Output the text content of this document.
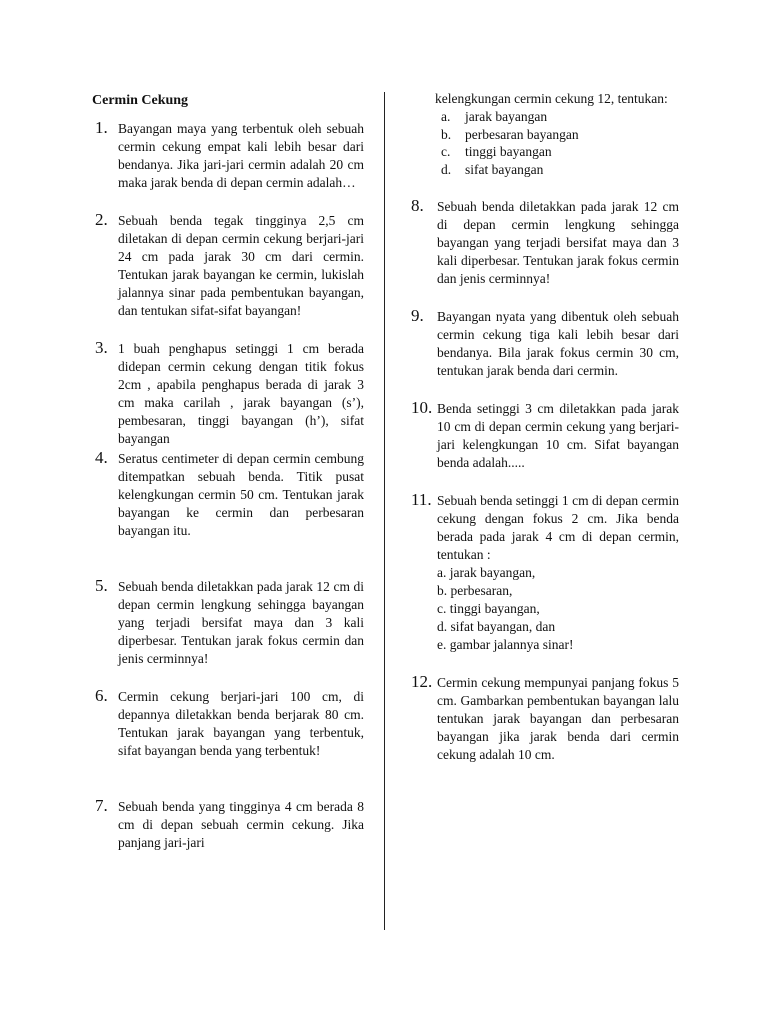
Cermin Cekung
1. Bayangan maya yang terbentuk oleh sebuah cermin cekung empat kali lebih besar dari bendanya. Jika jari-jari cermin adalah 20 cm maka jarak benda di depan cermin adalah…
2. Sebuah benda tegak tingginya 2,5 cm diletakan di depan cermin cekung berjari-jari 24 cm pada jarak 30 cm dari cermin. Tentukan jarak bayangan ke cermin, lukislah jalannya sinar pada pembentukan bayangan, dan tentukan sifat-sifat bayangan!
3. 1 buah penghapus setinggi 1 cm berada didepan cermin cekung dengan titik fokus 2cm , apabila penghapus berada di jarak 3 cm maka carilah , jarak bayangan (s’), pembesaran, tinggi bayangan (h’), sifat bayangan
4. Seratus centimeter di depan cermin cembung ditempatkan sebuah benda. Titik pusat kelengkungan cermin 50 cm. Tentukan jarak bayangan ke cermin dan perbesaran bayangan itu.
5. Sebuah benda diletakkan pada jarak 12 cm di depan cermin lengkung sehingga bayangan yang terjadi bersifat maya dan 3 kali diperbesar. Tentukan jarak fokus cermin dan jenis cerminnya!
6. Cermin cekung berjari-jari 100 cm, di depannya diletakkan benda berjarak 80 cm. Tentukan jarak bayangan yang terbentuk, sifat bayangan benda yang terbentuk!
7. Sebuah benda yang tingginya 4 cm berada 8 cm di depan sebuah cermin cekung. Jika panjang jari-jari
kelengkungan cermin cekung 12, tentukan:
a. jarak bayangan
b. perbesaran bayangan
c. tinggi bayangan
d. sifat bayangan
8. Sebuah benda diletakkan pada jarak 12 cm di depan cermin lengkung sehingga bayangan yang terjadi bersifat maya dan 3 kali diperbesar. Tentukan jarak fokus cermin dan jenis cerminnya!
9. Bayangan nyata yang dibentuk oleh sebuah cermin cekung tiga kali lebih besar dari bendanya. Bila jarak fokus cermin 30 cm, tentukan jarak benda dari cermin.
10. Benda setinggi 3 cm diletakkan pada jarak 10 cm di depan cermin cekung yang berjari-jari kelengkungan 10 cm. Sifat bayangan benda adalah.....
11. Sebuah benda setinggi 1 cm di depan cermin cekung dengan fokus 2 cm. Jika benda berada pada jarak 4 cm di depan cermin, tentukan :
a. jarak bayangan,
b. perbesaran,
c. tinggi bayangan,
d. sifat bayangan, dan
e. gambar jalannya sinar!
12. Cermin cekung mempunyai panjang fokus 5 cm. Gambarkan pembentukan bayangan lalu tentukan jarak bayangan dan perbesaran bayangan jika jarak benda dari cermin cekung adalah 10 cm.
